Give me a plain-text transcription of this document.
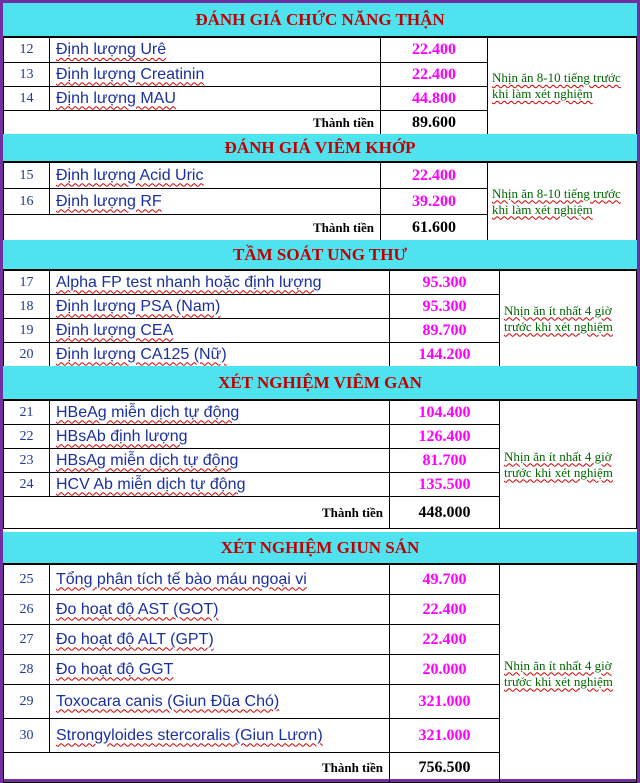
ĐÁNH GIÁ CHỨC NĂNG THẬN
12	Định lượng Urê	22.400	Nhịn ăn 8-10 tiếng trước khi làm xét nghiệm
13	Định lượng Creatinin	22.400	
14	Định lượng MAU	44.800	
Thành tiền		89.600	
ĐÁNH GIÁ VIÊM KHỚP
15	Định lượng Acid Uric	22.400	Nhịn ăn 8-10 tiếng trước khi làm xét nghiệm
16	Định lượng RF	39.200	
Thành tiền		61.600	
TẦM SOÁT UNG THƯ
17	Alpha FP test nhanh hoặc định lượng	95.300	Nhịn ăn ít nhất 4 giờ trước khi xét nghiệm
18	Định lượng PSA (Nam)	95.300	
19	Định lượng CEA	89.700	
20	Định lượng CA125 (Nữ)	144.200	
XÉT NGHIỆM VIÊM GAN
21	HBeAg miễn dịch tự động	104.400	Nhịn ăn ít nhất 4 giờ trước khi xét nghiệm
22	HBsAb định lượng	126.400	
23	HBsAg miễn dịch tự động	81.700	
24	HCV Ab miễn dịch tự động	135.500	
Thành tiền		448.000	
XÉT NGHIỆM GIUN SÁN
25	Tổng phân tích tế bào máu ngoại vi	49.700	Nhịn ăn ít nhất 4 giờ trước khi xét nghiệm
26	Đo hoạt độ AST (GOT)	22.400	
27	Đo hoạt độ ALT (GPT)	22.400	
28	Đo hoạt độ GGT	20.000	
29	Toxocara canis (Giun Đũa Chó)	321.000	
30	Strongyloides stercoralis (Giun Lươn)	321.000	
Thành tiền		756.500	
